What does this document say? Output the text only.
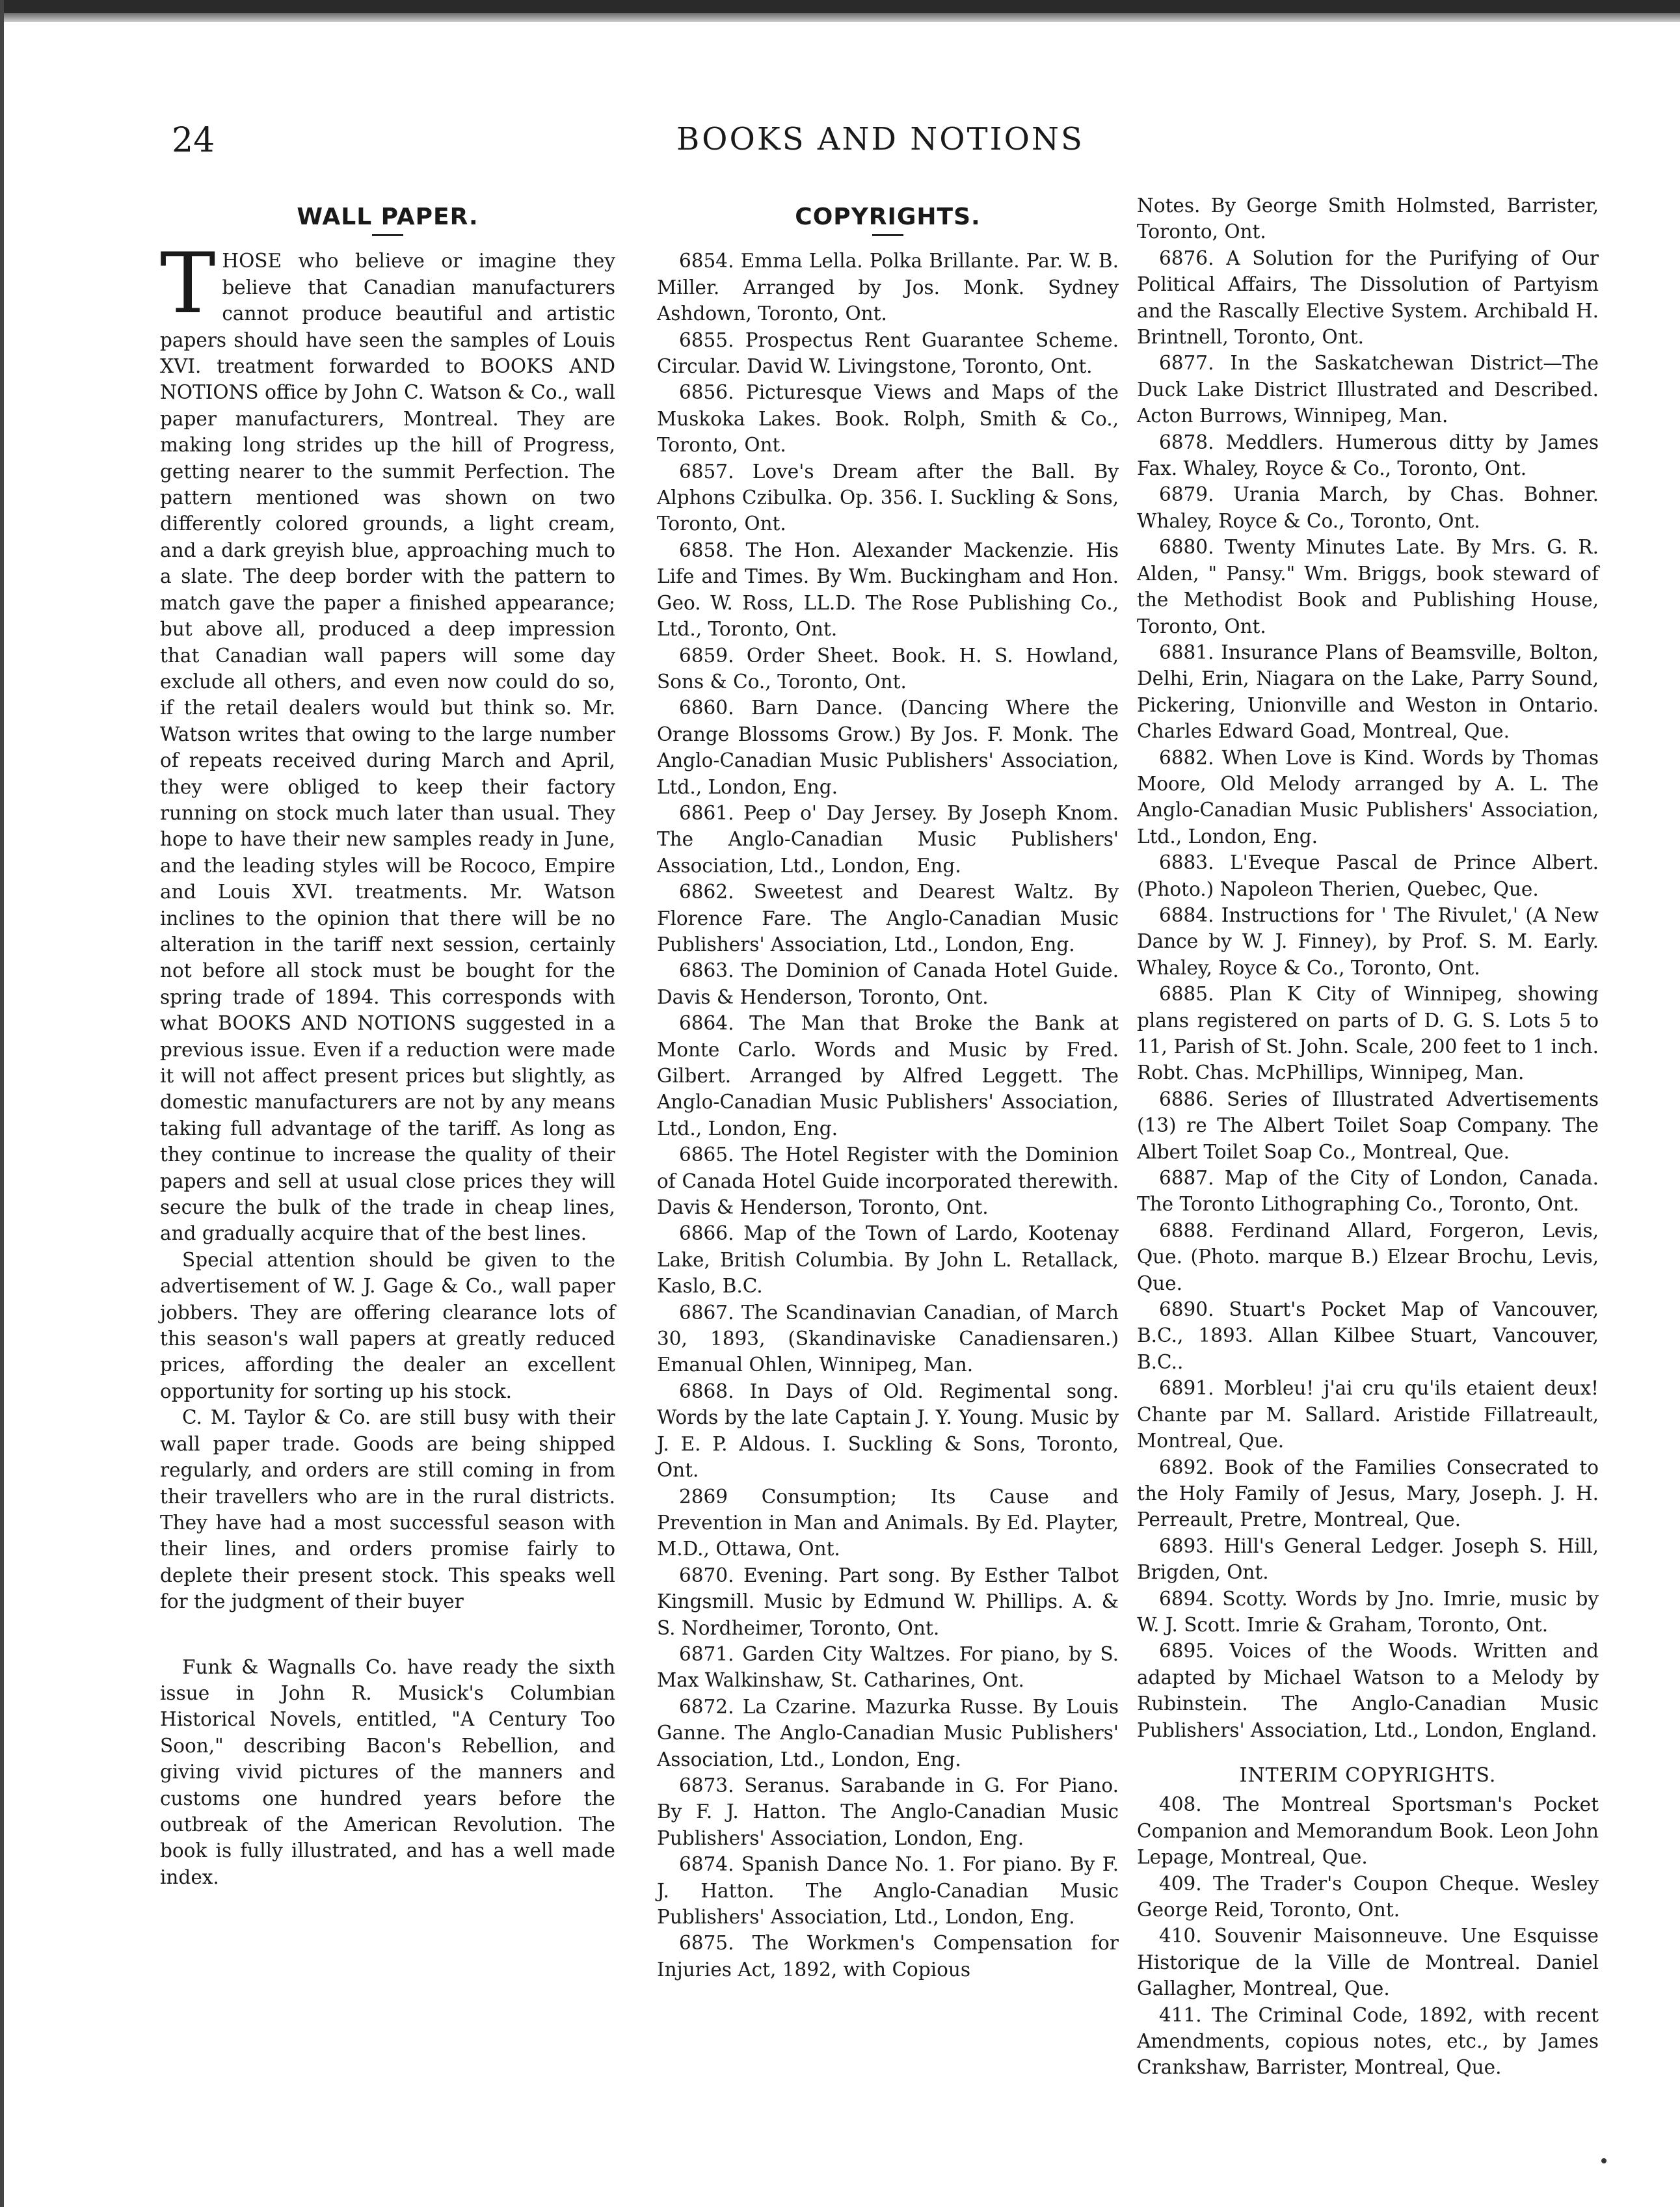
24	BOOKS AND NOTIONS
WALL PAPER.

THOSE who believe or imagine they believe that Canadian manufacturers cannot produce beautiful and artistic papers should have seen the samples of Louis XVI. treatment forwarded to BOOKS AND NOTIONS office by John C. Watson & Co., wall paper manufacturers, Montreal. They are making long strides up the hill of Progress, getting nearer to the summit Perfection. The pattern mentioned was shown on two differently colored grounds, a light cream, and a dark greyish blue, approaching much to a slate. The deep border with the pattern to match gave the paper a finished appearance; but above all, produced a deep impression that Canadian wall papers will some day exclude all others, and even now could do so, if the retail dealers would but think so. Mr. Watson writes that owing to the large number of repeats received during March and April, they were obliged to keep their factory running on stock much later than usual. They hope to have their new samples ready in June, and the leading styles will be Rococo, Empire and Louis XVI. treatments. Mr. Watson inclines to the opinion that there will be no alteration in the tariff next session, certainly not before all stock must be bought for the spring trade of 1894. This corresponds with what BOOKS AND NOTIONS suggested in a previous issue. Even if a reduction were made it will not affect present prices but slightly, as domestic manufacturers are not by any means taking full advantage of the tariff. As long as they continue to increase the quality of their papers and sell at usual close prices they will secure the bulk of the trade in cheap lines, and gradually acquire that of the best lines.

Special attention should be given to the advertisement of W. J. Gage & Co., wall paper jobbers. They are offering clearance lots of this season's wall papers at greatly reduced prices, affording the dealer an excellent opportunity for sorting up his stock.

C. M. Taylor & Co. are still busy with their wall paper trade. Goods are being shipped regularly, and orders are still coming in from their travellers who are in the rural districts. They have had a most successful season with their lines, and orders promise fairly to deplete their present stock. This speaks well for the judgment of their buyer

Funk & Wagnalls Co. have ready the sixth issue in John R. Musick's Columbian Historical Novels, entitled, "A Century Too Soon," describing Bacon's Rebellion, and giving vivid pictures of the manners and customs one hundred years before the outbreak of the American Revolution. The book is fully illustrated, and has a well made index.

COPYRIGHTS.

6854. Emma Lella. Polka Brillante. Par. W. B. Miller. Arranged by Jos. Monk. Sydney Ashdown, Toronto, Ont.

6855. Prospectus Rent Guarantee Scheme. Circular. David W. Livingstone, Toronto, Ont.

6856. Picturesque Views and Maps of the Muskoka Lakes. Book. Rolph, Smith & Co., Toronto, Ont.

6857. Love's Dream after the Ball. By Alphons Czibulka. Op. 356. I. Suckling & Sons, Toronto, Ont.

6858. The Hon. Alexander Mackenzie. His Life and Times. By Wm. Buckingham and Hon. Geo. W. Ross, LL.D. The Rose Publishing Co., Ltd., Toronto, Ont.

6859. Order Sheet. Book. H. S. Howland, Sons & Co., Toronto, Ont.

6860. Barn Dance. (Dancing Where the Orange Blossoms Grow.) By Jos. F. Monk. The Anglo-Canadian Music Publishers' Association, Ltd., London, Eng.

6861. Peep o' Day Jersey. By Joseph Knom. The Anglo-Canadian Music Publishers' Association, Ltd., London, Eng.

6862. Sweetest and Dearest Waltz. By Florence Fare. The Anglo-Canadian Music Publishers' Association, Ltd., London, Eng.

6863. The Dominion of Canada Hotel Guide. Davis & Henderson, Toronto, Ont.

6864. The Man that Broke the Bank at Monte Carlo. Words and Music by Fred. Gilbert. Arranged by Alfred Leggett. The Anglo-Canadian Music Publishers' Association, Ltd., London, Eng.

6865. The Hotel Register with the Dominion of Canada Hotel Guide incorporated therewith. Davis & Henderson, Toronto, Ont.

6866. Map of the Town of Lardo, Kootenay Lake, British Columbia. By John L. Retallack, Kaslo, B.C.

6867. The Scandinavian Canadian, of March 30, 1893, (Skandinaviske Canadiensaren.) Emanual Ohlen, Winnipeg, Man.

6868. In Days of Old. Regimental song. Words by the late Captain J. Y. Young. Music by J. E. P. Aldous. I. Suckling & Sons, Toronto, Ont.

2869 Consumption; Its Cause and Prevention in Man and Animals. By Ed. Playter, M.D., Ottawa, Ont.

6870. Evening. Part song. By Esther Talbot Kingsmill. Music by Edmund W. Phillips. A. & S. Nordheimer, Toronto, Ont.

6871. Garden City Waltzes. For piano, by S. Max Walkinshaw, St. Catharines, Ont.

6872. La Czarine. Mazurka Russe. By Louis Ganne. The Anglo-Canadian Music Publishers' Association, Ltd., London, Eng.

6873. Seranus. Sarabande in G. For Piano. By F. J. Hatton. The Anglo-Canadian Music Publishers' Association, London, Eng.

6874. Spanish Dance No. 1. For piano. By F. J. Hatton. The Anglo-Canadian Music Publishers' Association, Ltd., London, Eng.

6875. The Workmen's Compensation for Injuries Act, 1892, with Copious

Notes. By George Smith Holmsted, Barrister, Toronto, Ont.

6876. A Solution for the Purifying of Our Political Affairs, The Dissolution of Partyism and the Rascally Elective System. Archibald H. Brintnell, Toronto, Ont.

6877. In the Saskatchewan District—The Duck Lake District Illustrated and Described. Acton Burrows, Winnipeg, Man.

6878. Meddlers. Humerous ditty by James Fax. Whaley, Royce & Co., Toronto, Ont.

6879. Urania March, by Chas. Bohner. Whaley, Royce & Co., Toronto, Ont.

6880. Twenty Minutes Late. By Mrs. G. R. Alden, " Pansy." Wm. Briggs, book steward of the Methodist Book and Publishing House, Toronto, Ont.

6881. Insurance Plans of Beamsville, Bolton, Delhi, Erin, Niagara on the Lake, Parry Sound, Pickering, Unionville and Weston in Ontario. Charles Edward Goad, Montreal, Que.

6882. When Love is Kind. Words by Thomas Moore, Old Melody arranged by A. L. The Anglo-Canadian Music Publishers' Association, Ltd., London, Eng.

6883. L'Eveque Pascal de Prince Albert. (Photo.) Napoleon Therien, Quebec, Que.

6884. Instructions for ' The Rivulet,' (A New Dance by W. J. Finney), by Prof. S. M. Early. Whaley, Royce & Co., Toronto, Ont.

6885. Plan K City of Winnipeg, showing plans registered on parts of D. G. S. Lots 5 to 11, Parish of St. John. Scale, 200 feet to 1 inch. Robt. Chas. McPhillips, Winnipeg, Man.

6886. Series of Illustrated Advertisements (13) re The Albert Toilet Soap Company. The Albert Toilet Soap Co., Montreal, Que.

6887. Map of the City of London, Canada. The Toronto Lithographing Co., Toronto, Ont.

6888. Ferdinand Allard, Forgeron, Levis, Que. (Photo. marque B.) Elzear Brochu, Levis, Que.

6890. Stuart's Pocket Map of Vancouver, B.C., 1893. Allan Kilbee Stuart, Vancouver, B.C..

6891. Morbleu! j'ai cru qu'ils etaient deux! Chante par M. Sallard. Aristide Fillatreault, Montreal, Que.

6892. Book of the Families Consecrated to the Holy Family of Jesus, Mary, Joseph. J. H. Perreault, Pretre, Montreal, Que.

6893. Hill's General Ledger. Joseph S. Hill, Brigden, Ont.

6894. Scotty. Words by Jno. Imrie, music by W. J. Scott. Imrie & Graham, Toronto, Ont.

6895. Voices of the Woods. Written and adapted by Michael Watson to a Melody by Rubinstein. The Anglo-Canadian Music Publishers' Association, Ltd., London, England.

INTERIM COPYRIGHTS.

408. The Montreal Sportsman's Pocket Companion and Memorandum Book. Leon John Lepage, Montreal, Que.

409. The Trader's Coupon Cheque. Wesley George Reid, Toronto, Ont.

410. Souvenir Maisonneuve. Une Esquisse Historique de la Ville de Montreal. Daniel Gallagher, Montreal, Que.

411. The Criminal Code, 1892, with recent Amendments, copious notes, etc., by James Crankshaw, Barrister, Montreal, Que.
